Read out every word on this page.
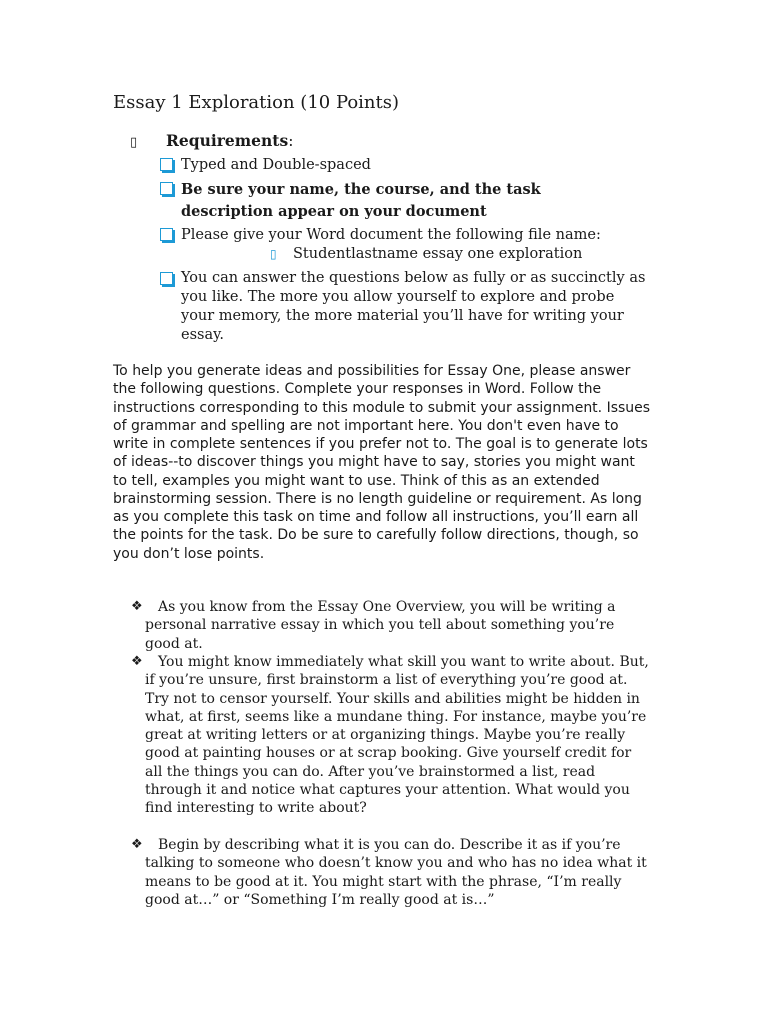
Essay 1 Exploration (10 Points)
▯ Requirements:
Typed and Double-spaced
Be sure your name, the course, and the task description appear on your document
Please give your Word document the following file name:
▯ Studentlastname essay one exploration
You can answer the questions below as fully or as succinctly as you like. The more you allow yourself to explore and probe your memory, the more material you’ll have for writing your essay.

To help you generate ideas and possibilities for Essay One, please answer the following questions. Complete your responses in Word. Follow the instructions corresponding to this module to submit your assignment. Issues of grammar and spelling are not important here. You don't even have to write in complete sentences if you prefer not to. The goal is to generate lots of ideas--to discover things you might have to say, stories you might want to tell, examples you might want to use. Think of this as an extended brainstorming session. There is no length guideline or requirement. As long as you complete this task on time and follow all instructions, you’ll earn all the points for the task. Do be sure to carefully follow directions, though, so you don’t lose points.

❖	As you know from the Essay One Overview, you will be writing a personal narrative essay in which you tell about something you’re good at.
❖	You might know immediately what skill you want to write about. But, if you’re unsure, first brainstorm a list of everything you’re good at. Try not to censor yourself. Your skills and abilities might be hidden in what, at first, seems like a mundane thing. For instance, maybe you’re great at writing letters or at organizing things. Maybe you’re really good at painting houses or at scrap booking. Give yourself credit for all the things you can do. After you’ve brainstormed a list, read through it and notice what captures your attention. What would you find interesting to write about?
❖	Begin by describing what it is you can do. Describe it as if you’re talking to someone who doesn’t know you and who has no idea what it means to be good at it. You might start with the phrase, “I’m really good at…” or “Something I’m really good at is…”
